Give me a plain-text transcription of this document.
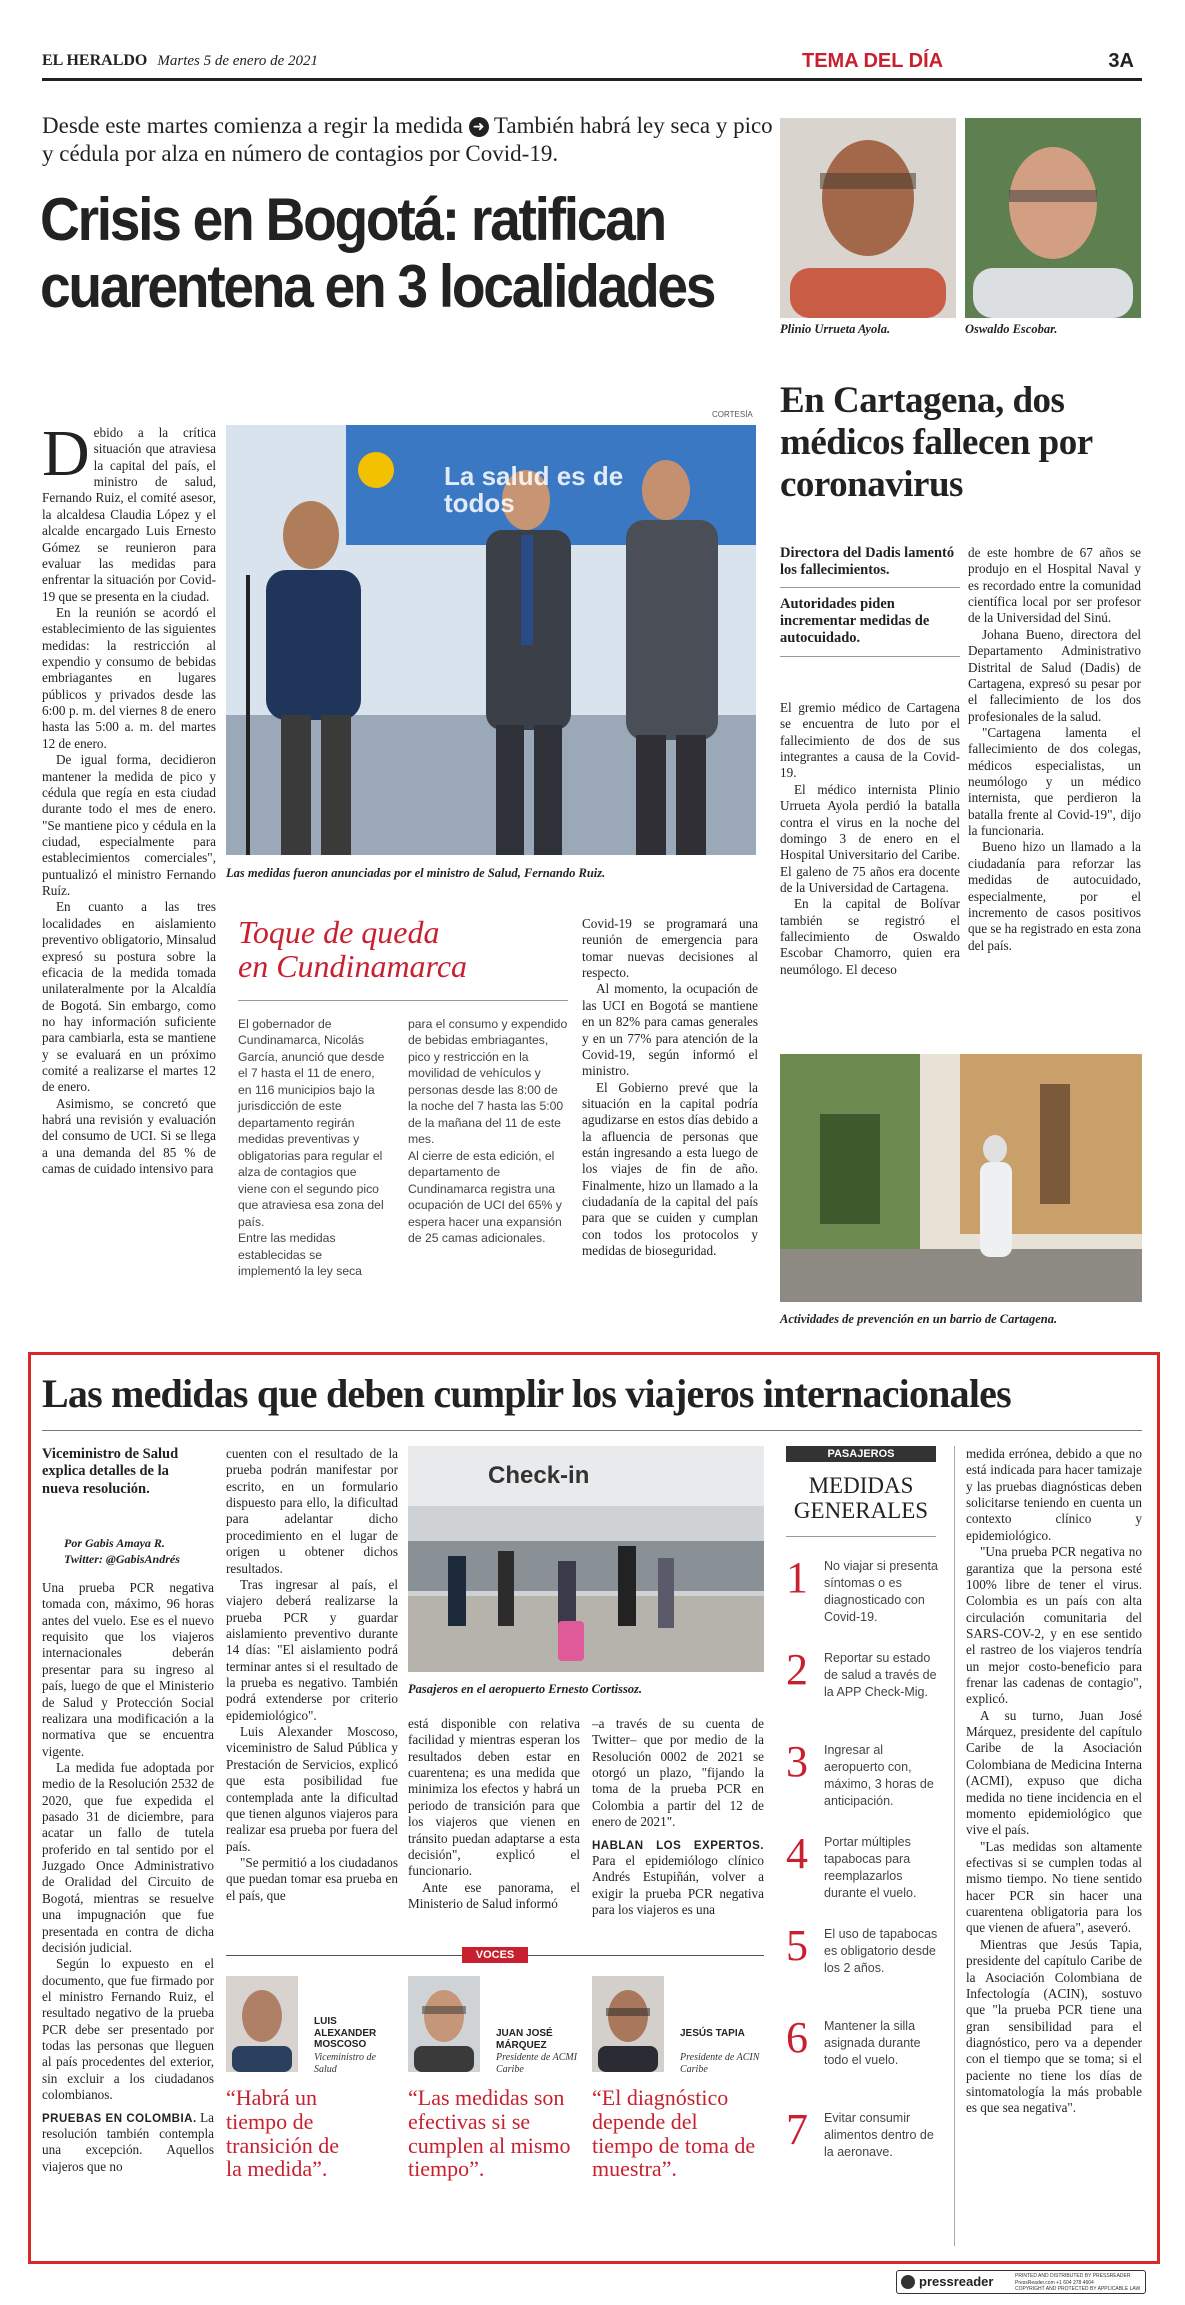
EL HERALDO Martes 5 de enero de 2021	TEMA DEL DÍA	3A
Desde este martes comienza a regir la medida ➜ También habrá ley seca y pico y cédula por alza en número de contagios por Covid-19.
Crisis en Bogotá: ratifican
cuarentena en 3 localidades
D ebido a la crítica situación que atraviesa la capital del país, el ministro de salud, Fernando Ruiz, el comité asesor, la alcaldesa Claudia López y el alcalde encargado Luis Ernesto Gómez se reunieron para evaluar las medidas para enfrentar la situación por Covid-19 que se presenta en la ciudad.

En la reunión se acordó el establecimiento de las siguientes medidas: la restricción al expendio y consumo de bebidas embriagantes en lugares públicos y privados desde las 6:00 p. m. del viernes 8 de enero hasta las 5:00 a. m. del martes 12 de enero.

De igual forma, decidieron mantener la medida de pico y cédula que regía en esta ciudad durante todo el mes de enero. "Se mantiene pico y cédula en la ciudad, especialmente para establecimientos comerciales", puntualizó el ministro Fernando Ruíz.

En cuanto a las tres localidades en aislamiento preventivo obligatorio, Minsalud expresó su postura sobre la eficacia de la medida tomada unilateralmente por la Alcaldía de Bogotá. Sin embargo, como no hay información suficiente para cambiarla, esta se mantiene y se evaluará en un próximo comité a realizarse el martes 12 de enero.

Asimismo, se concretó que habrá una revisión y evaluación del consumo de UCI. Si se llega a una demanda del 85 % de camas de cuidado intensivo para

CORTESÍA
La salud es de todos
Las medidas fueron anunciadas por el ministro de Salud, Fernando Ruiz.
Toque de queda
en Cundinamarca

El gobernador de Cundinamarca, Nicolás García, anunció que desde el 7 hasta el 11 de enero, en 116 municipios bajo la jurisdicción de este departamento regirán medidas preventivas y obligatorias para regular el alza de contagios que viene con el segundo pico que atraviesa esa zona del país.

Entre las medidas establecidas se implementó la ley seca

para el consumo y expendido de bebidas embriagantes, pico y restricción en la movilidad de vehículos y personas desde las 8:00 de la noche del 7 hasta las 5:00 de la mañana del 11 de este mes.

Al cierre de esta edición, el departamento de Cundinamarca registra una ocupación de UCI del 65% y espera hacer una expansión de 25 camas adicionales.

Covid-19 se programará una reunión de emergencia para tomar nuevas decisiones al respecto.

Al momento, la ocupación de las UCI en Bogotá se mantiene en un 82% para camas generales y en un 77% para atención de la Covid-19, según informó el ministro.

El Gobierno prevé que la situación en la capital podría agudizarse en estos días debido a la afluencia de personas que están ingresando a esta luego de los viajes de fin de año. Finalmente, hizo un llamado a la ciudadanía de la capital del país para que se cuiden y cumplan con todos los protocolos y medidas de bioseguridad.

Plinio Urrueta Ayola.	Oswaldo Escobar.
En Cartagena, dos médicos fallecen por coronavirus
Directora del Dadis lamentó los fallecimientos.
Autoridades piden incrementar medidas de autocuidado.

El gremio médico de Cartagena se encuentra de luto por el fallecimiento de dos de sus integrantes a causa de la Covid-19.

El médico internista Plinio Urrueta Ayola perdió la batalla contra el virus en la noche del domingo 3 de enero en el Hospital Universitario del Caribe. El galeno de 75 años era docente de la Universidad de Cartagena.

En la capital de Bolívar también se registró el fallecimiento de Oswaldo Escobar Chamorro, quien era neumólogo. El deceso

de este hombre de 67 años se produjo en el Hospital Naval y es recordado entre la comunidad científica local por ser profesor de la Universidad del Sinú.

Johana Bueno, directora del Departamento Administrativo Distrital de Salud (Dadis) de Cartagena, expresó su pesar por el fallecimiento de los dos profesionales de la salud.

"Cartagena lamenta el fallecimiento de dos colegas, médicos especialistas, un neumólogo y un médico internista, que perdieron la batalla frente al Covid-19", dijo la funcionaria.

Bueno hizo un llamado a la ciudadanía para reforzar las medidas de autocuidado, especialmente, por el incremento de casos positivos que se ha registrado en esta zona del país.

Actividades de prevención en un barrio de Cartagena.
Las medidas que deben cumplir los viajeros internacionales
Viceministro de Salud explica detalles de la nueva resolución.
Por Gabis Amaya R.
Twitter: @GabisAndrés

Una prueba PCR negativa tomada con, máximo, 96 horas antes del vuelo. Ese es el nuevo requisito que los viajeros internacionales deberán presentar para su ingreso al país, luego de que el Ministerio de Salud y Protección Social realizara una modificación a la normativa que se encuentra vigente.

La medida fue adoptada por medio de la Resolución 2532 de 2020, que fue expedida el pasado 31 de diciembre, para acatar un fallo de tutela proferido en tal sentido por el Juzgado Once Administrativo de Oralidad del Circuito de Bogotá, mientras se resuelve una impugnación que fue presentada en contra de dicha decisión judicial.

Según lo expuesto en el documento, que fue firmado por el ministro Fernando Ruiz, el resultado negativo de la prueba PCR debe ser presentado por todas las personas que lleguen al país procedentes del exterior, sin excluir a los ciudadanos colombianos.

PRUEBAS EN COLOMBIA. La resolución también contempla una excepción. Aquellos viajeros que no

cuenten con el resultado de la prueba podrán manifestar por escrito, en un formulario dispuesto para ello, la dificultad para adelantar dicho procedimiento en el lugar de origen u obtener dichos resultados.

Tras ingresar al país, el viajero deberá realizarse la prueba PCR y guardar aislamiento preventivo durante 14 días: "El aislamiento podrá terminar antes si el resultado de la prueba es negativo. También podrá extenderse por criterio epidemiológico".

Luis Alexander Moscoso, viceministro de Salud Pública y Prestación de Servicios, explicó que esta posibilidad fue contemplada ante la dificultad que tienen algunos viajeros para realizar esa prueba por fuera del país.

"Se permitió a los ciudadanos que puedan tomar esa prueba en el país, que

Check-in
Pasajeros en el aeropuerto Ernesto Cortissoz.

está disponible con relativa facilidad y mientras esperan los resultados deben estar en cuarentena; es una medida que minimiza los efectos y habrá un periodo de transición para que los viajeros que vienen en tránsito puedan adaptarse a esta decisión", explicó el funcionario.

Ante ese panorama, el Ministerio de Salud informó

–a través de su cuenta de Twitter– que por medio de la Resolución 0002 de 2021 se otorgó un plazo, "fijando la toma de la prueba PCR en Colombia a partir del 12 de enero de 2021".

HABLAN LOS EXPERTOS. Para el epidemiólogo clínico Andrés Estupiñán, volver a exigir la prueba PCR negativa para los viajeros es una

VOCES
LUIS ALEXANDER MOSCOSO
Viceministro de Salud
“Habrá un tiempo de transición de la medida”.
JUAN JOSÉ MÁRQUEZ
Presidente de ACMI Caribe
“Las medidas son efectivas si se cumplen al mismo tiempo”.
JESÚS TAPIA
Presidente de ACIN Caribe
“El diagnóstico depende del tiempo de toma de muestra”.
PASAJEROS
MEDIDAS GENERALES
1 No viajar si presenta síntomas o es diagnosticado con Covid-19.
2 Reportar su estado de salud a través de la APP Check-Mig.
3 Ingresar al aeropuerto con, máximo, 3 horas de anticipación.
4 Portar múltiples tapabocas para reemplazarlos durante el vuelo.
5 El uso de tapabocas es obligatorio desde los 2 años.
6 Mantener la silla asignada durante todo el vuelo.
7 Evitar consumir alimentos dentro de la aeronave.

medida errónea, debido a que no está indicada para hacer tamizaje y las pruebas diagnósticas deben solicitarse teniendo en cuenta un contexto clínico y epidemiológico.

"Una prueba PCR negativa no garantiza que la persona esté 100% libre de tener el virus. Colombia es un país con alta circulación comunitaria del SARS-COV-2, y en ese sentido el rastreo de los viajeros tendría un mejor costo-beneficio para frenar las cadenas de contagio", explicó.

A su turno, Juan José Márquez, presidente del capítulo Caribe de la Asociación Colombiana de Medicina Interna (ACMI), expuso que dicha medida no tiene incidencia en el momento epidemiológico que vive el país.

"Las medidas son altamente efectivas si se cumplen todas al mismo tiempo. No tiene sentido hacer PCR sin hacer una cuarentena obligatoria para los que vienen de afuera", aseveró.

Mientras que Jesús Tapia, presidente del capítulo Caribe de la Asociación Colombiana de Infectología (ACIN), sostuvo que "la prueba PCR tiene una gran sensibilidad para el diagnóstico, pero va a depender con el tiempo que se toma; si el paciente no tiene los días de sintomatología la más probable es que sea negativa".

pressreader	PRINTED AND DISTRIBUTED BY PRESSREADER
PressReader.com +1 604 278 4604
COPYRIGHT AND PROTECTED BY APPLICABLE LAW
